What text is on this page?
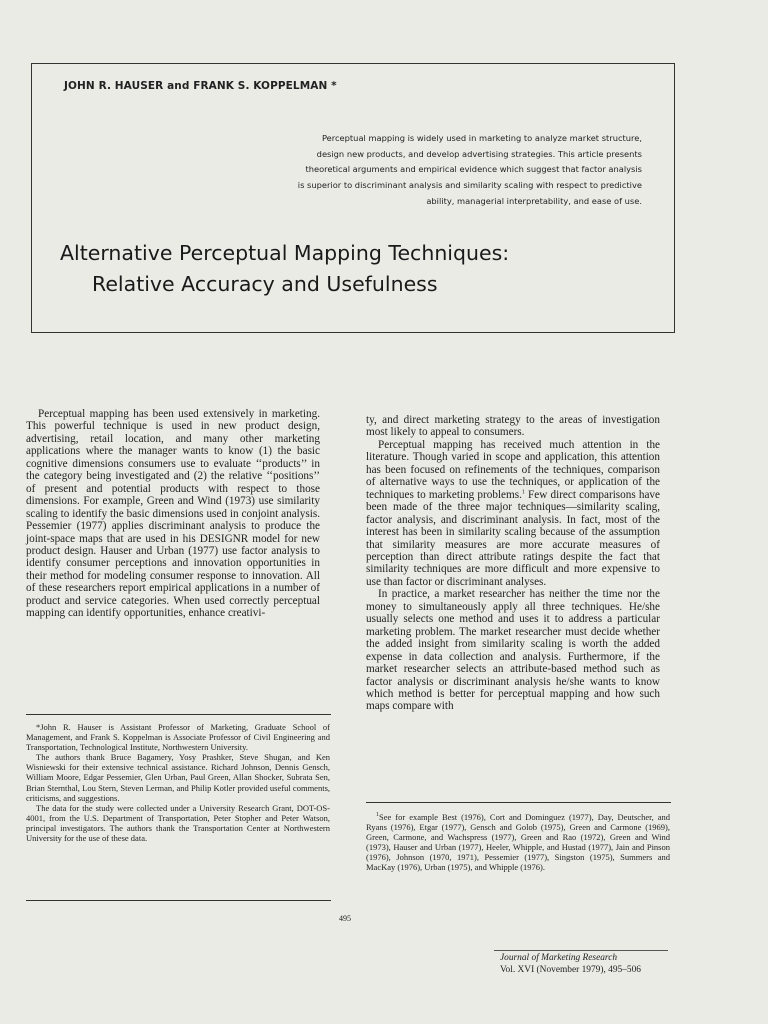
JOHN R. HAUSER and FRANK S. KOPPELMAN *
Perceptual mapping is widely used in marketing to analyze market structure,
design new products, and develop advertising strategies. This article presents
theoretical arguments and empirical evidence which suggest that factor analysis
is superior to discriminant analysis and similarity scaling with respect to predictive
ability, managerial interpretability, and ease of use.
Alternative Perceptual Mapping Techniques:
Relative Accuracy and Usefulness

Perceptual mapping has been used extensively in marketing. This powerful technique is used in new product design, advertising, retail location, and many other marketing applications where the manager wants to know (1) the basic cognitive dimensions consumers use to evaluate ‘‘products’’ in the category being investigated and (2) the relative ‘‘positions’’ of present and potential products with respect to those dimensions. For example, Green and Wind (1973) use similarity scaling to identify the basic dimensions used in conjoint analysis. Pessemier (1977) applies discriminant analysis to produce the joint-space maps that are used in his DESIGNR model for new product design. Hauser and Urban (1977) use factor analysis to identify consumer perceptions and innovation opportunities in their method for modeling consumer response to innovation. All of these researchers report empirical applications in a number of product and service categories. When used correctly perceptual mapping can identify opportunities, enhance creativi-

ty, and direct marketing strategy to the areas of investigation most likely to appeal to consumers.

Perceptual mapping has received much attention in the literature. Though varied in scope and application, this attention has been focused on refinements of the techniques, comparison of alternative ways to use the techniques, or application of the techniques to marketing problems.$^1$ Few direct comparisons have been made of the three major techniques—similarity scaling, factor analysis, and discriminant analysis. In fact, most of the interest has been in similarity scaling because of the assumption that similarity measures are more accurate measures of perception than direct attribute ratings despite the fact that similarity techniques are more difficult and more expensive to use than factor or discriminant analyses.

In practice, a market researcher has neither the time nor the money to simultaneously apply all three techniques. He/she usually selects one method and uses it to address a particular marketing problem. The market researcher must decide whether the added insight from similarity scaling is worth the added expense in data collection and analysis. Furthermore, if the market researcher selects an attribute-based method such as factor analysis or discriminant analysis he/she wants to know which method is better for perceptual mapping and how such maps compare with

*John R. Hauser is Assistant Professor of Marketing, Graduate School of Management, and Frank S. Koppelman is Associate Professor of Civil Engineering and Transportation, Technological Institute, Northwestern University.

The authors thank Bruce Bagamery, Yosy Prashker, Steve Shugan, and Ken Wisniewski for their extensive technical assistance. Richard Johnson, Dennis Gensch, William Moore, Edgar Pessemier, Glen Urban, Paul Green, Allan Shocker, Subrata Sen, Brian Sternthal, Lou Stern, Steven Lerman, and Philip Kotler provided useful comments, criticisms, and suggestions.

The data for the study were collected under a University Research Grant, DOT-OS-4001, from the U.S. Department of Transportation, Peter Stopher and Peter Watson, principal investigators. The authors thank the Transportation Center at Northwestern University for the use of these data.

$^1$See for example Best (1976), Cort and Dominguez (1977), Day, Deutscher, and Ryans (1976), Etgar (1977), Gensch and Golob (1975), Green and Carmone (1969), Green, Carmone, and Wachspress (1977), Green and Rao (1972), Green and Wind (1973), Hauser and Urban (1977), Heeler, Whipple, and Hustad (1977), Jain and Pinson (1976), Johnson (1970, 1971), Pessemier (1977), Singston (1975), Summers and MacKay (1976), Urban (1975), and Whipple (1976).

495
Journal of Marketing Research
Vol. XVI (November 1979), 495–506
